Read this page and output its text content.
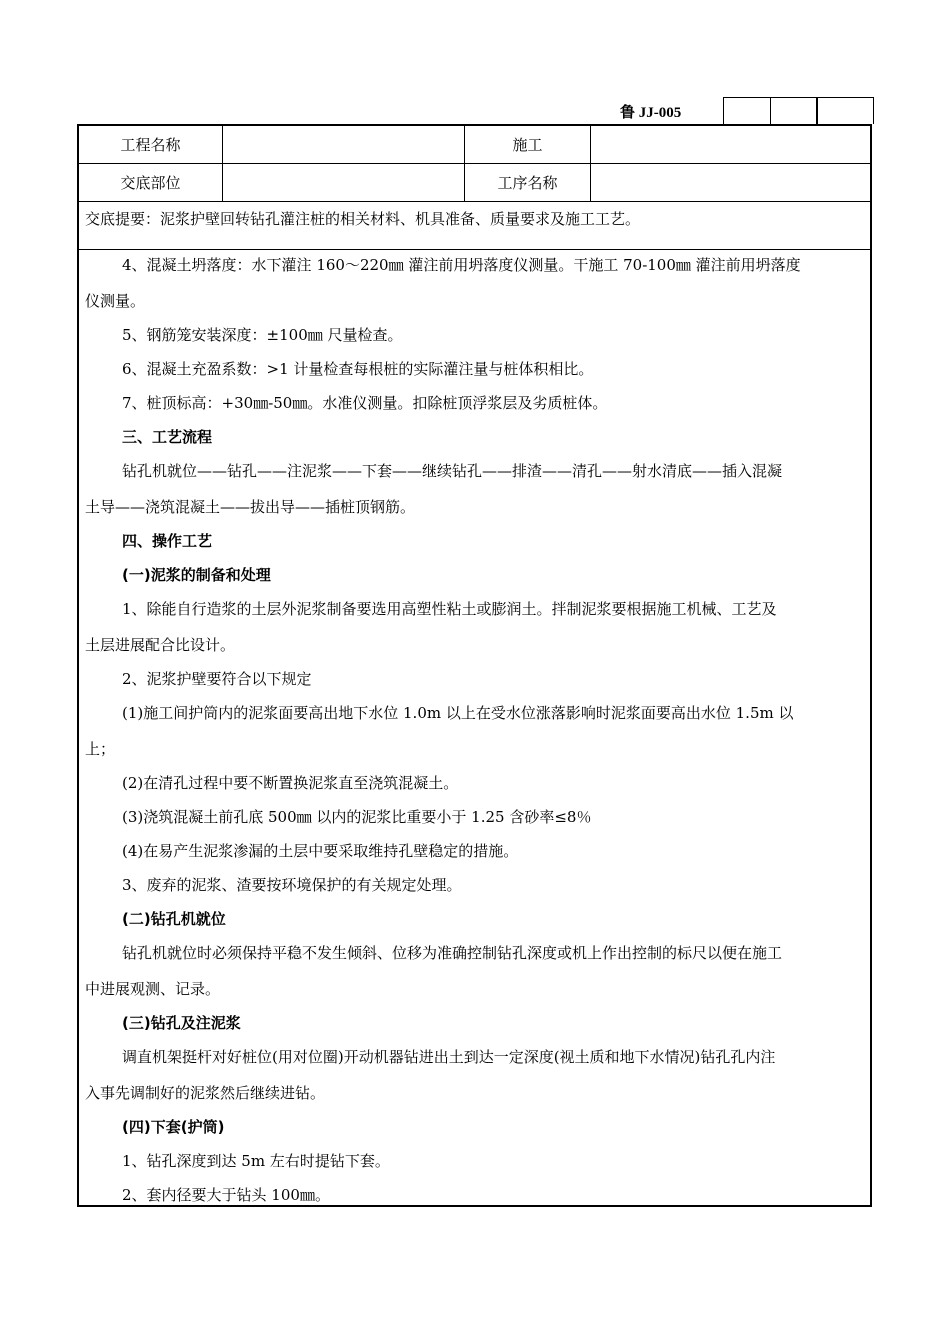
鲁 JJ-005
工程名称	施工
交底部位	工序名称
交底提要：泥浆护壁回转钻孔灌注桩的相关材料、机具准备、质量要求及施工工艺。
4、混凝土坍落度：水下灌注 160～220㎜ 灌注前用坍落度仪测量。干施工 70-100㎜ 灌注前用坍落度
仪测量。
5、钢筋笼安装深度：±100㎜ 尺量检查。
6、混凝土充盈系数：>1 计量检查每根桩的实际灌注量与桩体积相比。
7、桩顶标高：+30㎜-50㎜。水准仪测量。扣除桩顶浮浆层及劣质桩体。
三、工艺流程
钻孔机就位——钻孔——注泥浆——下套——继续钻孔——排渣——清孔——射水清底——插入混凝
土导——浇筑混凝土——拔出导——插桩顶钢筋。
四、操作工艺
(一)泥浆的制备和处理
1、除能自行造浆的土层外泥浆制备要选用高塑性粘土或膨润土。拌制泥浆要根据施工机械、工艺及
土层进展配合比设计。
2、泥浆护壁要符合以下规定
(1)施工间护筒内的泥浆面要高出地下水位 1.0m 以上在受水位涨落影响时泥浆面要高出水位 1.5m 以
上；
(2)在清孔过程中要不断置换泥浆直至浇筑混凝土。
(3)浇筑混凝土前孔底 500㎜ 以内的泥浆比重要小于 1.25 含砂率≤8％
(4)在易产生泥浆渗漏的土层中要采取维持孔壁稳定的措施。
3、废弃的泥浆、渣要按环境保护的有关规定处理。
(二)钻孔机就位
钻孔机就位时必须保持平稳不发生倾斜、位移为准确控制钻孔深度或机上作出控制的标尺以便在施工
中进展观测、记录。
(三)钻孔及注泥浆
调直机架挺杆对好桩位(用对位圈)开动机器钻进出土到达一定深度(视土质和地下水情况)钻孔孔内注
入事先调制好的泥浆然后继续进钻。
(四)下套(护筒)
1、钻孔深度到达 5m 左右时提钻下套。
2、套内径要大于钻头 100㎜。
